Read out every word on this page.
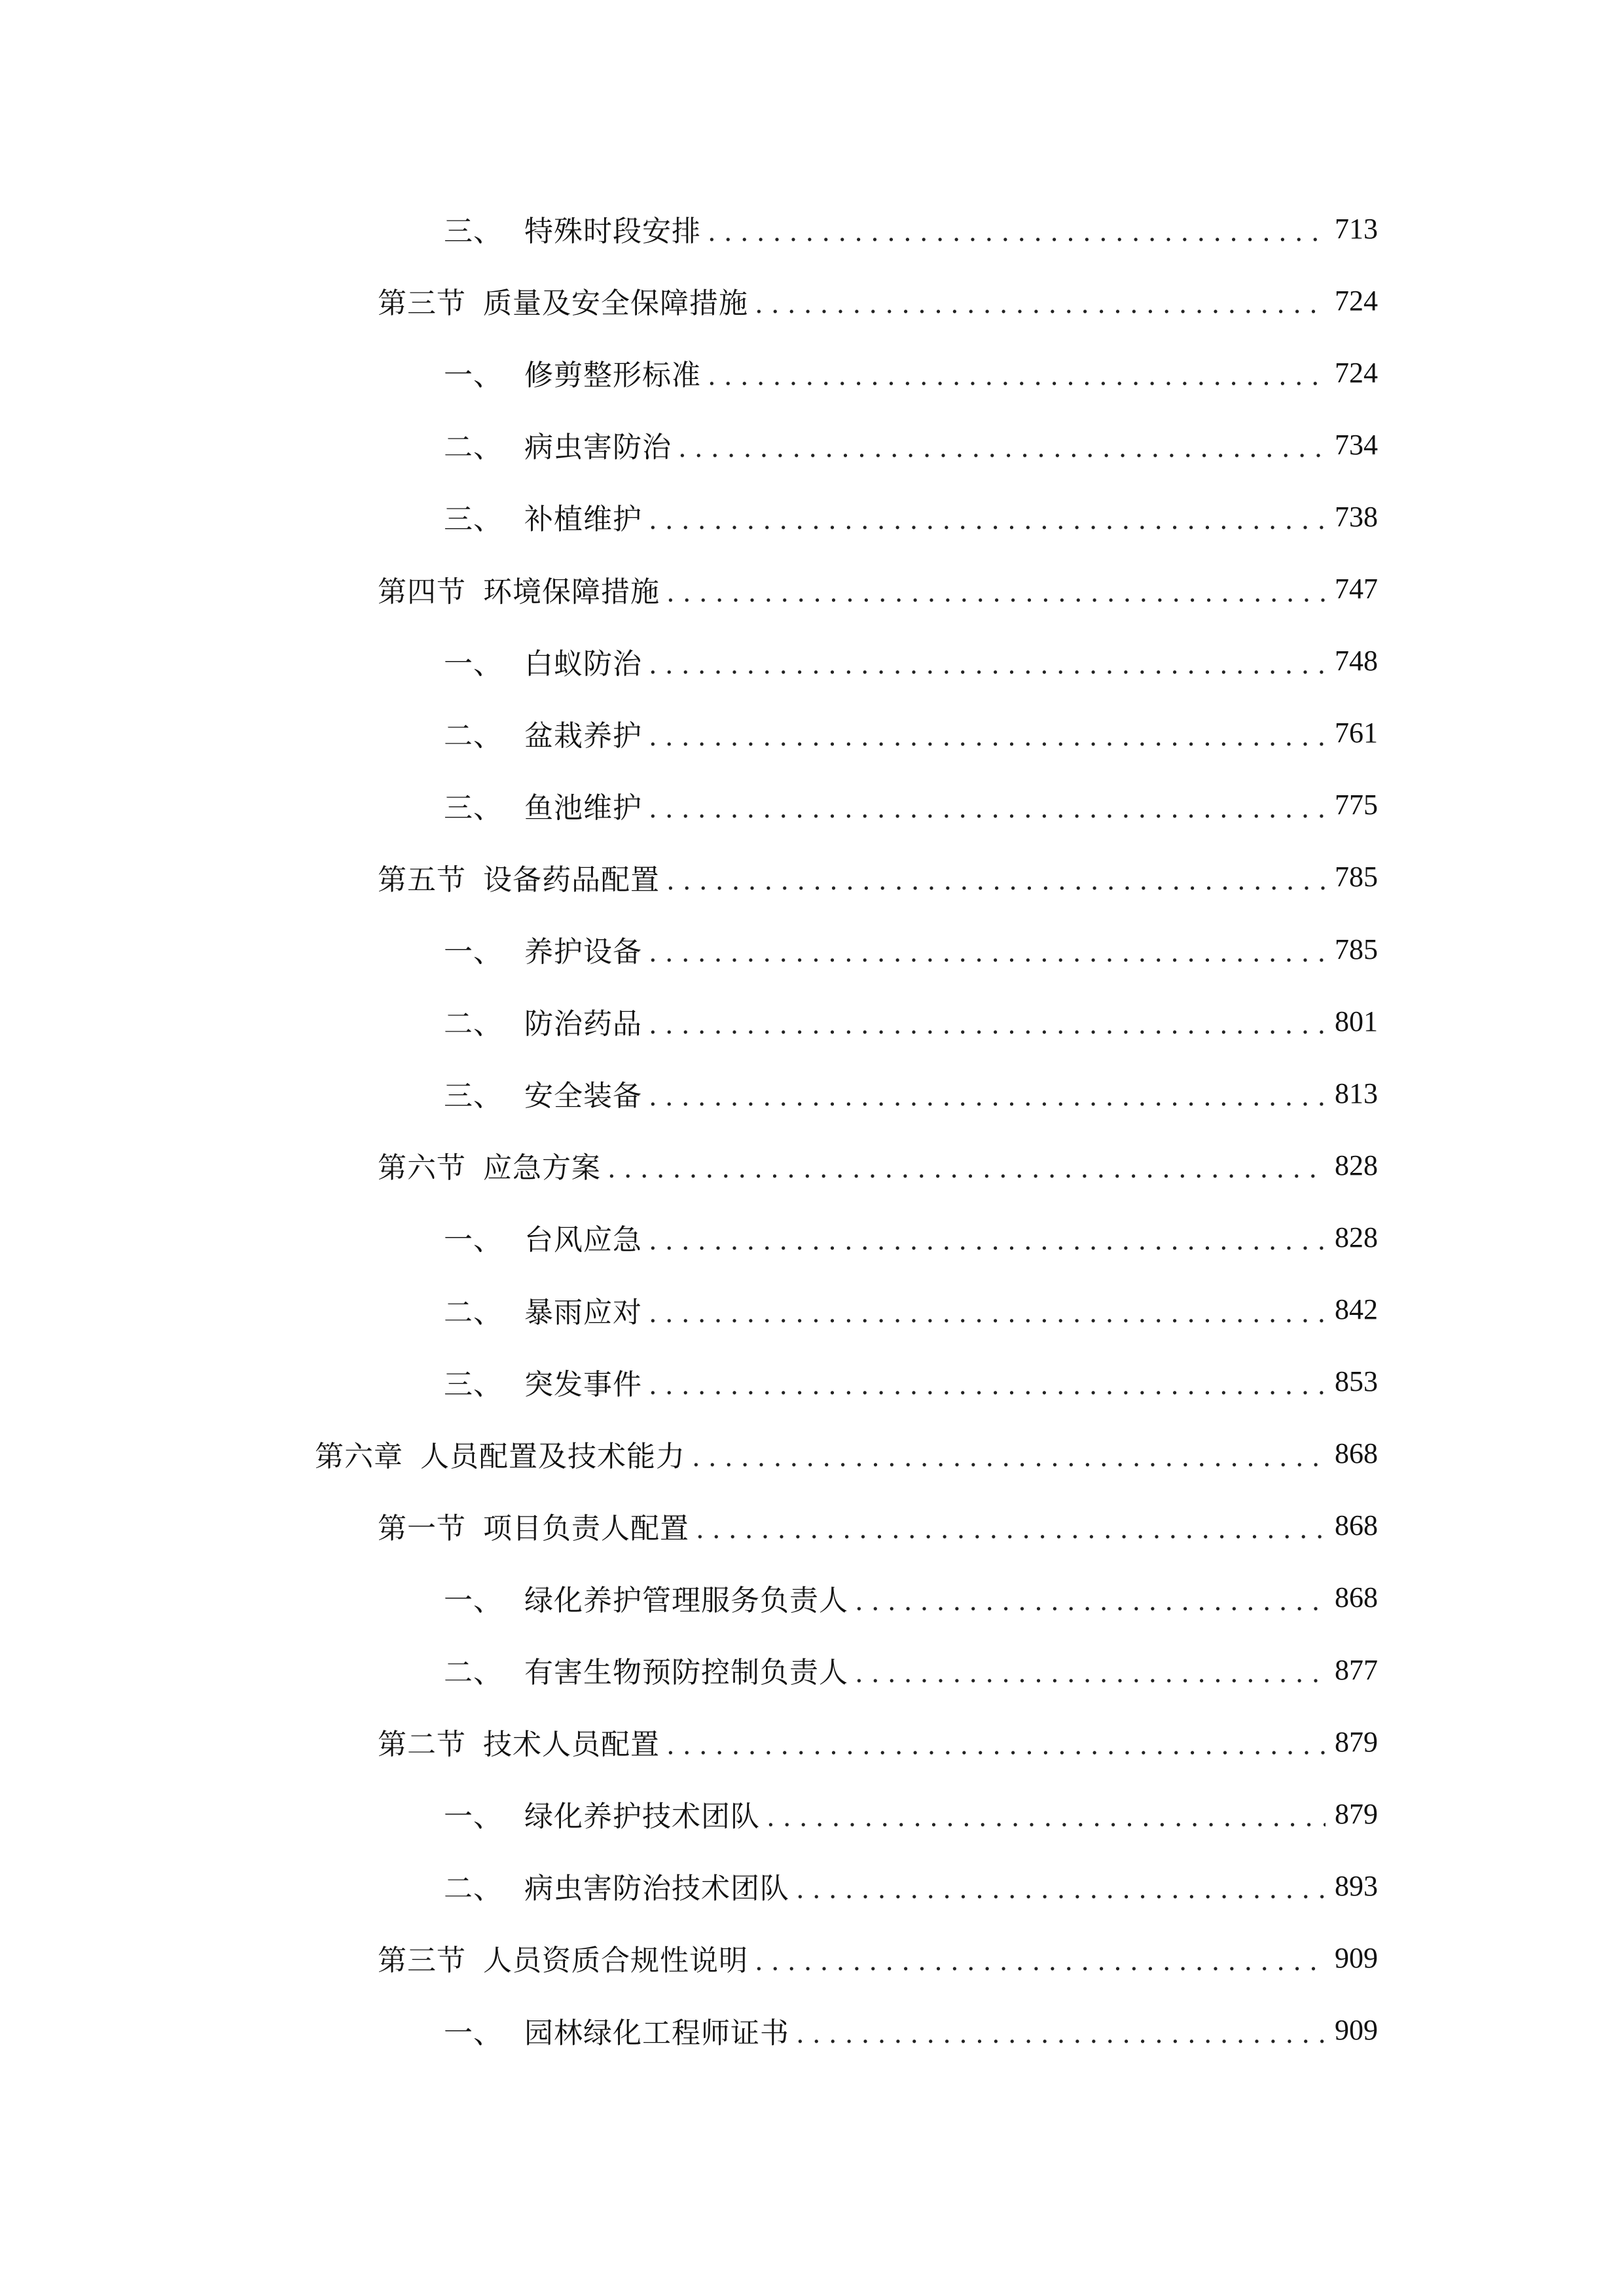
三、 特殊时段安排 .....	713
第三节 质量及安全保障措施 .....	724
一、 修剪整形标准 .....	724
二、 病虫害防治 .....	734
三、 补植维护 .....	738
第四节 环境保障措施 .....	747
一、 白蚁防治 .....	748
二、 盆栽养护 .....	761
三、 鱼池维护 .....	775
第五节 设备药品配置 .....	785
一、 养护设备 .....	785
二、 防治药品 .....	801
三、 安全装备 .....	813
第六节 应急方案 .....	828
一、 台风应急 .....	828
二、 暴雨应对 .....	842
三、 突发事件 .....	853
第六章 人员配置及技术能力 .....	868
第一节 项目负责人配置 .....	868
一、 绿化养护管理服务负责人 .....	868
二、 有害生物预防控制负责人 .....	877
第二节 技术人员配置 .....	879
一、 绿化养护技术团队 .....	879
二、 病虫害防治技术团队 .....	893
第三节 人员资质合规性说明 .....	909
一、 园林绿化工程师证书 .....	909
